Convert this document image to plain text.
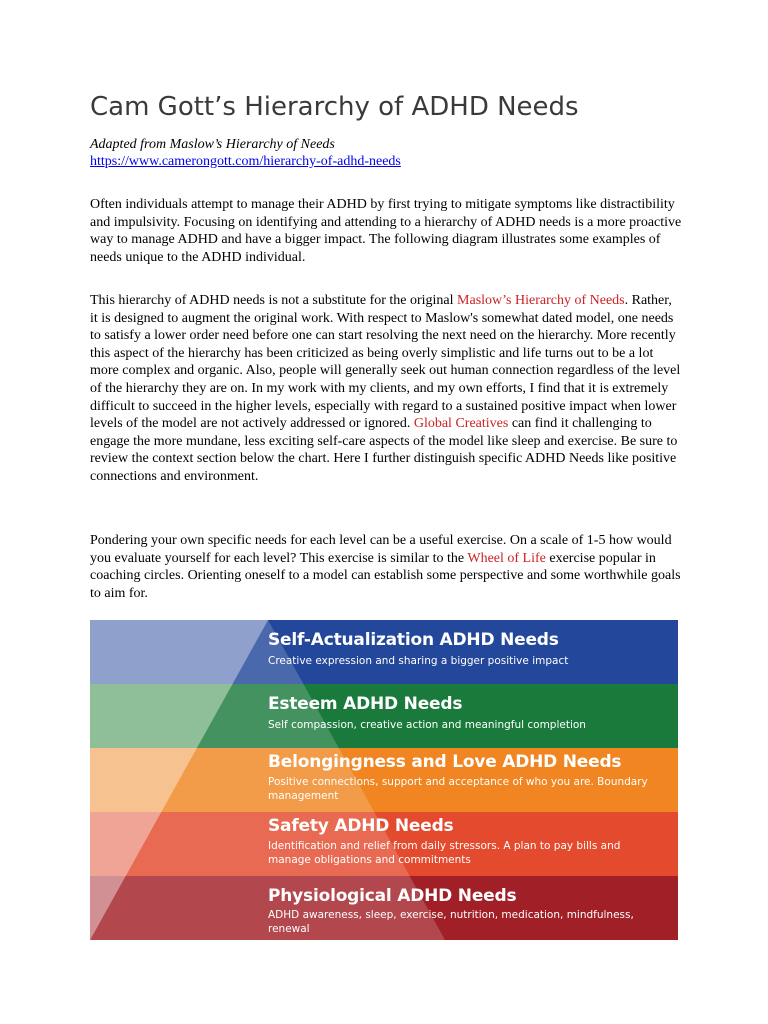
Cam Gott’s Hierarchy of ADHD Needs
Adapted from Maslow’s Hierarchy of Needs
https://www.camerongott.com/hierarchy-of-adhd-needs

Often individuals attempt to manage their ADHD by first trying to mitigate symptoms like distractibility and impulsivity. Focusing on identifying and attending to a hierarchy of ADHD needs is a more proactive way to manage ADHD and have a bigger impact. The following diagram illustrates some examples of needs unique to the ADHD individual.

This hierarchy of ADHD needs is not a substitute for the original Maslow’s Hierarchy of Needs. Rather, it is designed to augment the original work. With respect to Maslow's somewhat dated model, one needs to satisfy a lower order need before one can start resolving the next need on the hierarchy. More recently this aspect of the hierarchy has been criticized as being overly simplistic and life turns out to be a lot more complex and organic. Also, people will generally seek out human connection regardless of the level of the hierarchy they are on. In my work with my clients, and my own efforts, I find that it is extremely difficult to succeed in the higher levels, especially with regard to a sustained positive impact when lower levels of the model are not actively addressed or ignored. Global Creatives can find it challenging to engage the more mundane, less exciting self-care aspects of the model like sleep and exercise. Be sure to review the context section below the chart. Here I further distinguish specific ADHD Needs like positive connections and environment.

Pondering your own specific needs for each level can be a useful exercise. On a scale of 1-5 how would you evaluate yourself for each level? This exercise is similar to the Wheel of Life exercise popular in coaching circles. Orienting oneself to a model can establish some perspective and some worthwhile goals to aim for.

Self-Actualization ADHD Needs
Creative expression and sharing a bigger positive impact
Esteem ADHD Needs
Self compassion, creative action and meaningful completion
Belongingness and Love ADHD Needs
Positive connections, support and acceptance of who you are. Boundary management
Safety ADHD Needs
Identification and relief from daily stressors. A plan to pay bills and manage obligations and commitments
Physiological ADHD Needs
ADHD awareness, sleep, exercise, nutrition, medication, mindfulness, renewal
